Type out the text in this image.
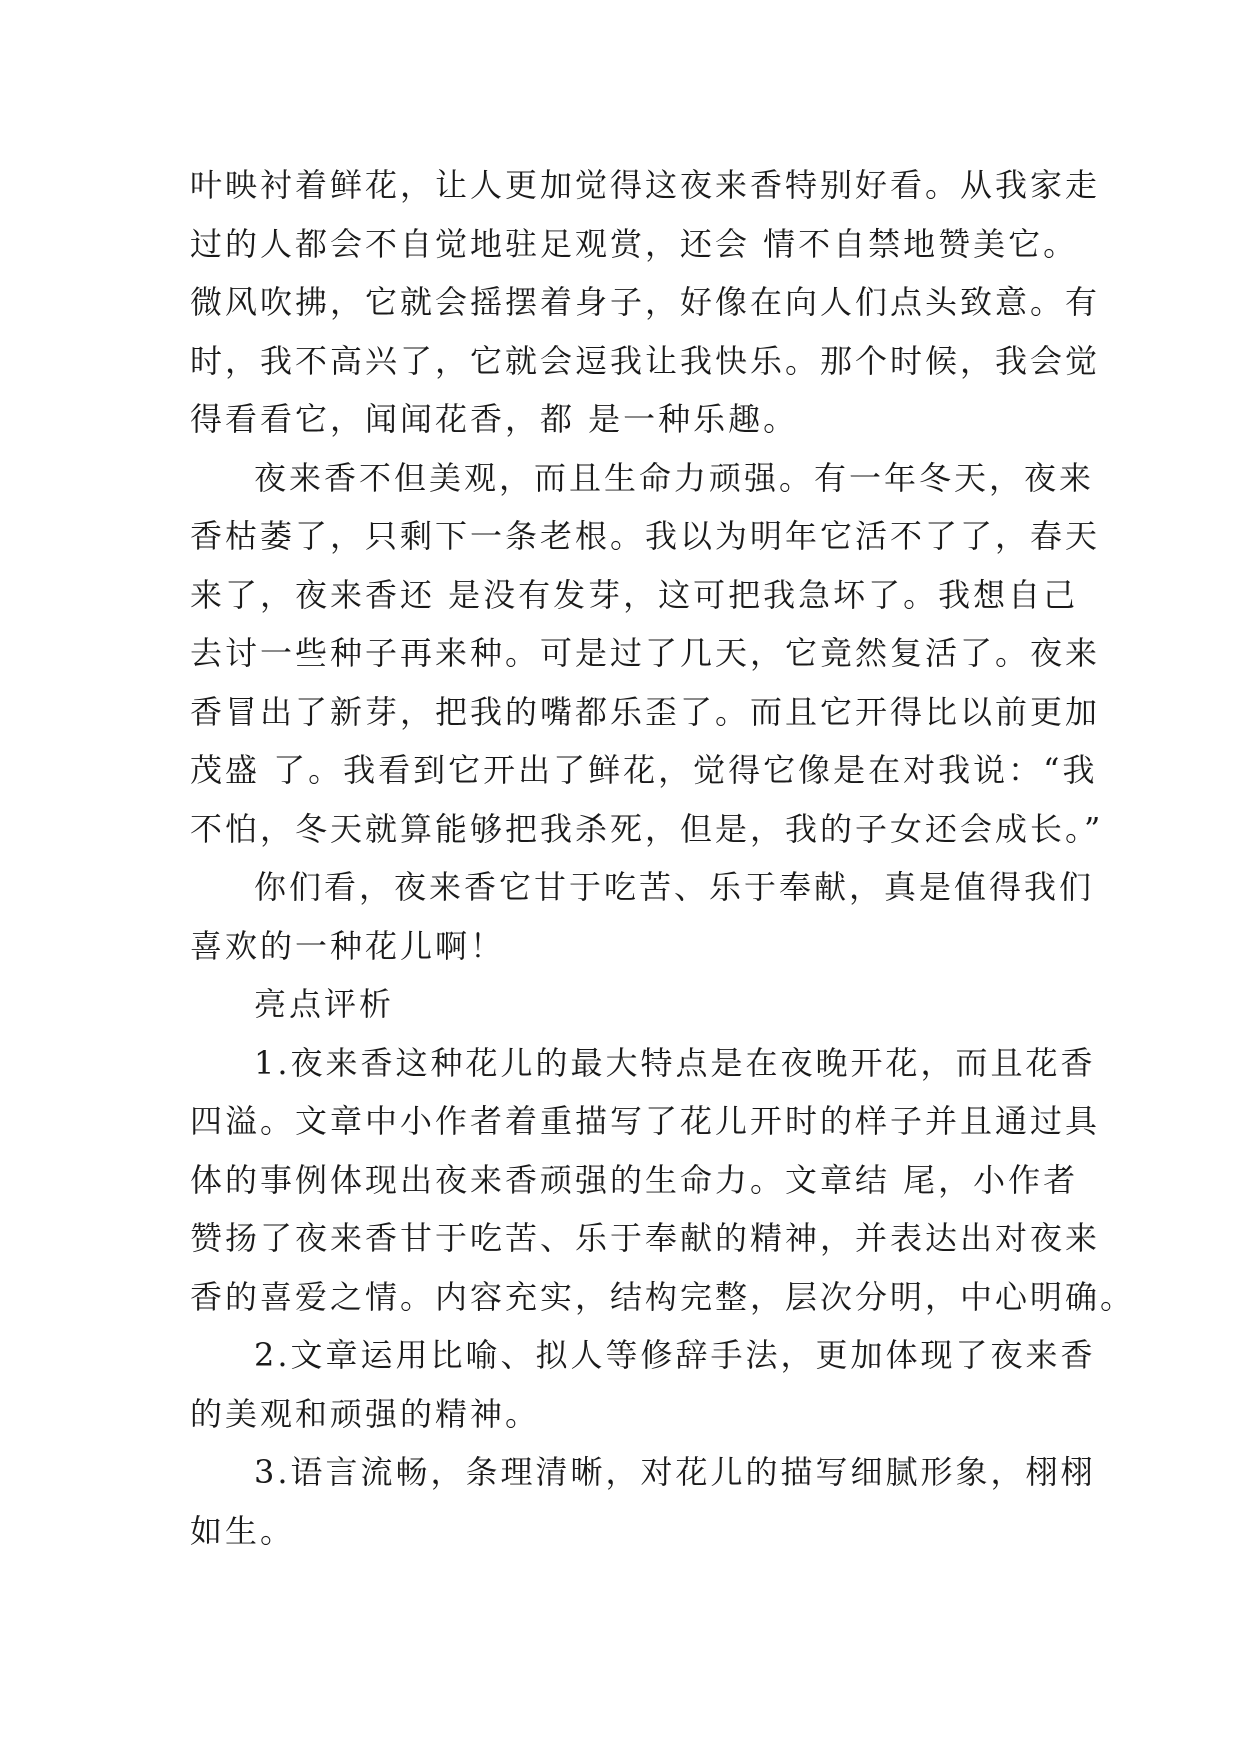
叶映衬着鲜花，让人更加觉得这夜来香特别好看。从我家走
过的人都会不自觉地驻足观赏，还会 情不自禁地赞美它。
微风吹拂，它就会摇摆着身子，好像在向人们点头致意。有
时，我不高兴了，它就会逗我让我快乐。那个时候，我会觉
得看看它，闻闻花香，都 是一种乐趣。
夜来香不但美观，而且生命力顽强。有一年冬天，夜来
香枯萎了，只剩下一条老根。我以为明年它活不了了，春天
来了，夜来香还 是没有发芽，这可把我急坏了。我想自己
去讨一些种子再来种。可是过了几天，它竟然复活了。夜来
香冒出了新芽，把我的嘴都乐歪了。而且它开得比以前更加
茂盛 了。我看到它开出了鲜花，觉得它像是在对我说：“我
不怕，冬天就算能够把我杀死，但是，我的子女还会成长。”
你们看，夜来香它甘于吃苦、乐于奉献，真是值得我们
喜欢的一种花儿啊！
亮点评析
1.夜来香这种花儿的最大特点是在夜晚开花，而且花香
四溢。文章中小作者着重描写了花儿开时的样子并且通过具
体的事例体现出夜来香顽强的生命力。文章结 尾，小作者
赞扬了夜来香甘于吃苦、乐于奉献的精神，并表达出对夜来
香的喜爱之情。内容充实，结构完整，层次分明，中心明确。
2.文章运用比喻、拟人等修辞手法，更加体现了夜来香
的美观和顽强的精神。
3.语言流畅，条理清晰，对花儿的描写细腻形象，栩栩
如生。
